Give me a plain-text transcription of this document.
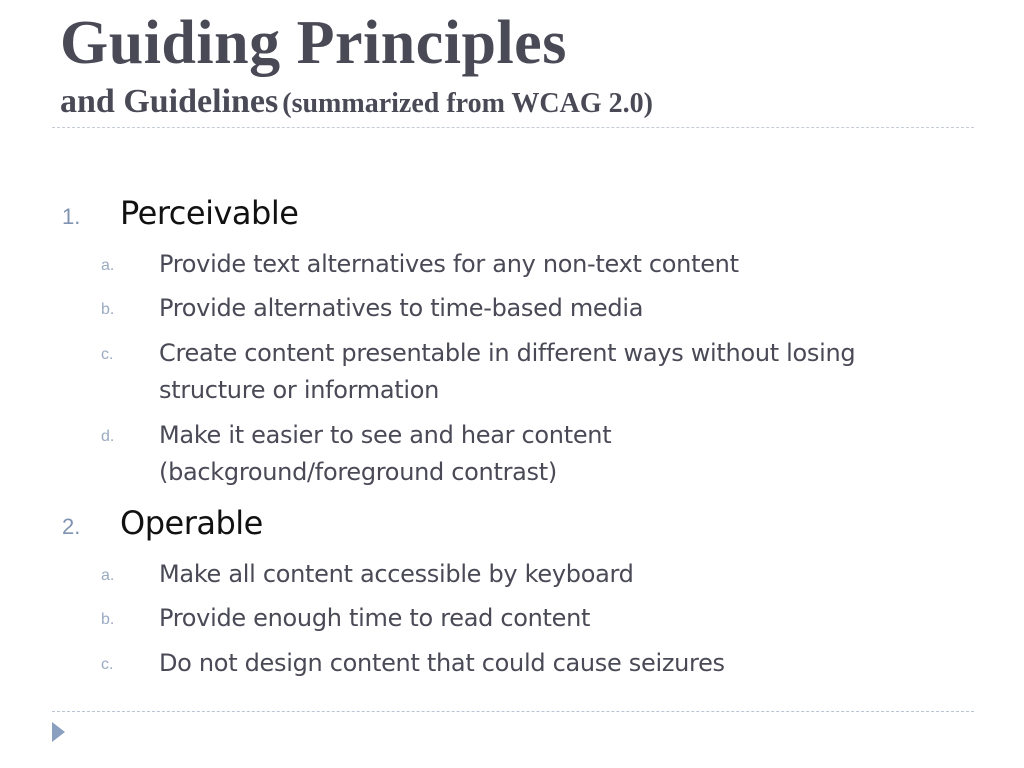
Guiding Principles
and Guidelines (summarized from WCAG 2.0)
1. Perceivable
a. Provide text alternatives for any non-text content
b. Provide alternatives to time-based media
c. Create content presentable in different ways without losing structure or information
d. Make it easier to see and hear content (background/foreground contrast)
2. Operable
a. Make all content accessible by keyboard
b. Provide enough time to read content
c. Do not design content that could cause seizures
